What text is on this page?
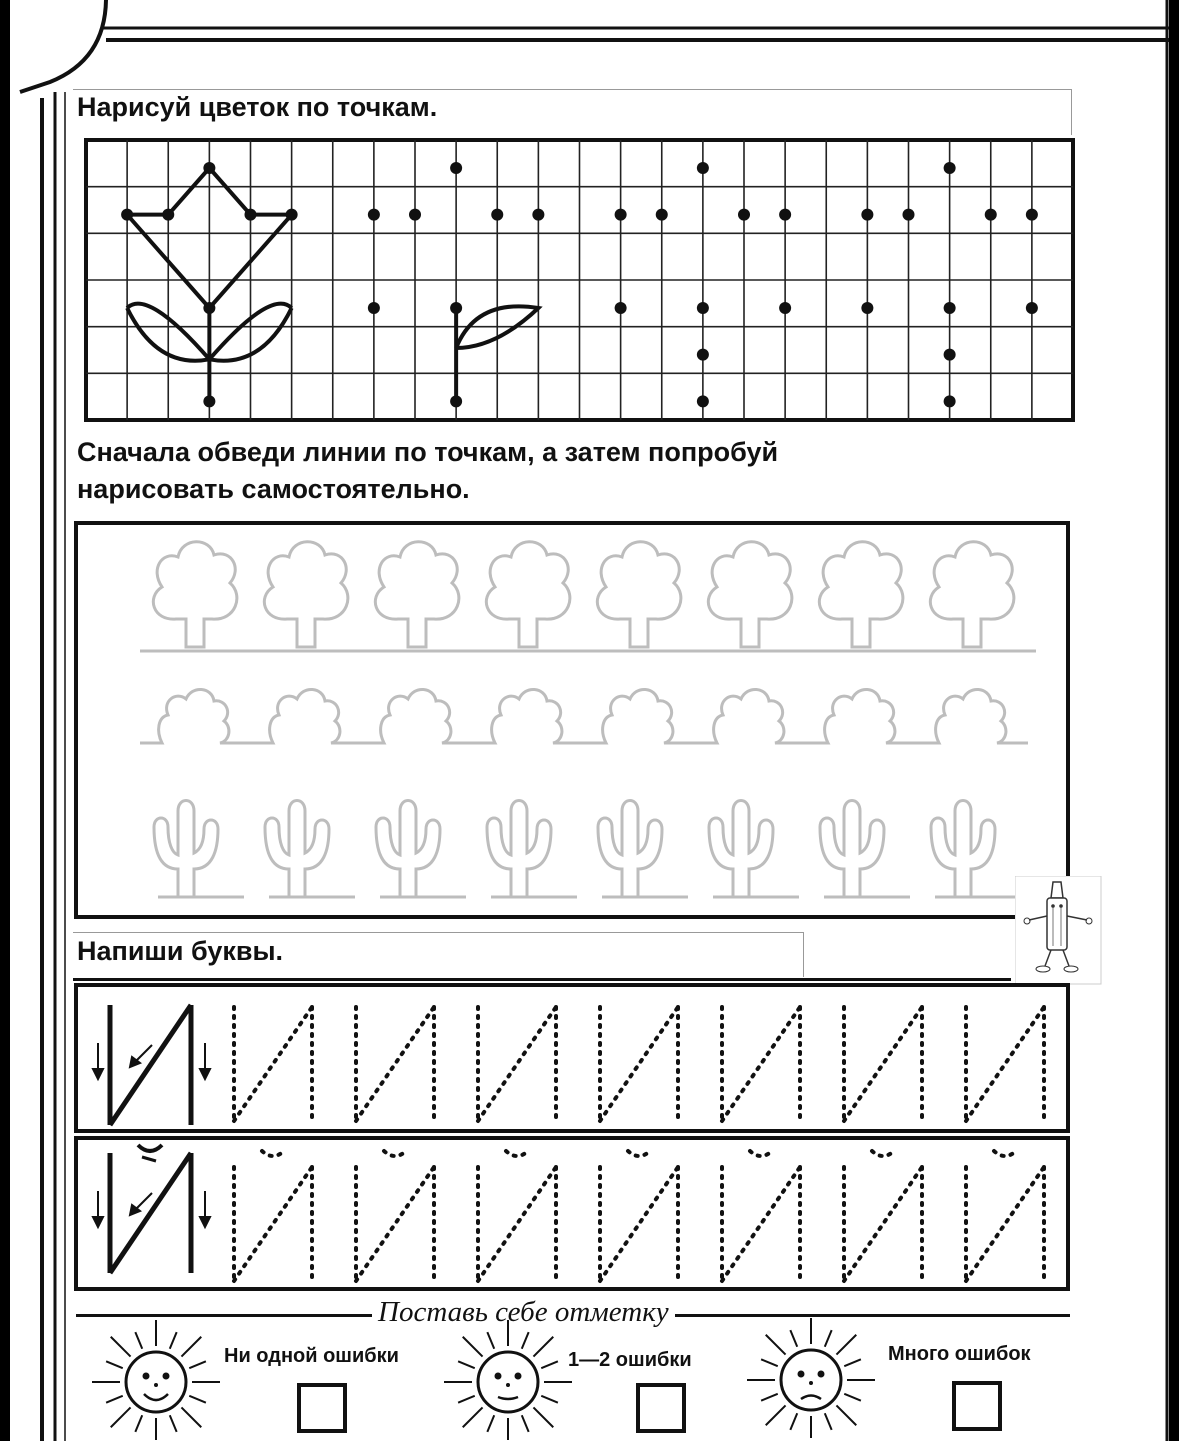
Нарисуй цветок по точкам.
Сначала обведи линии по точкам, а затем попробуй
нарисовать самостоятельно.
Напиши буквы.
Поставь себе отметку
Ни одной ошибки	1—2 ошибки	Много ошибок
